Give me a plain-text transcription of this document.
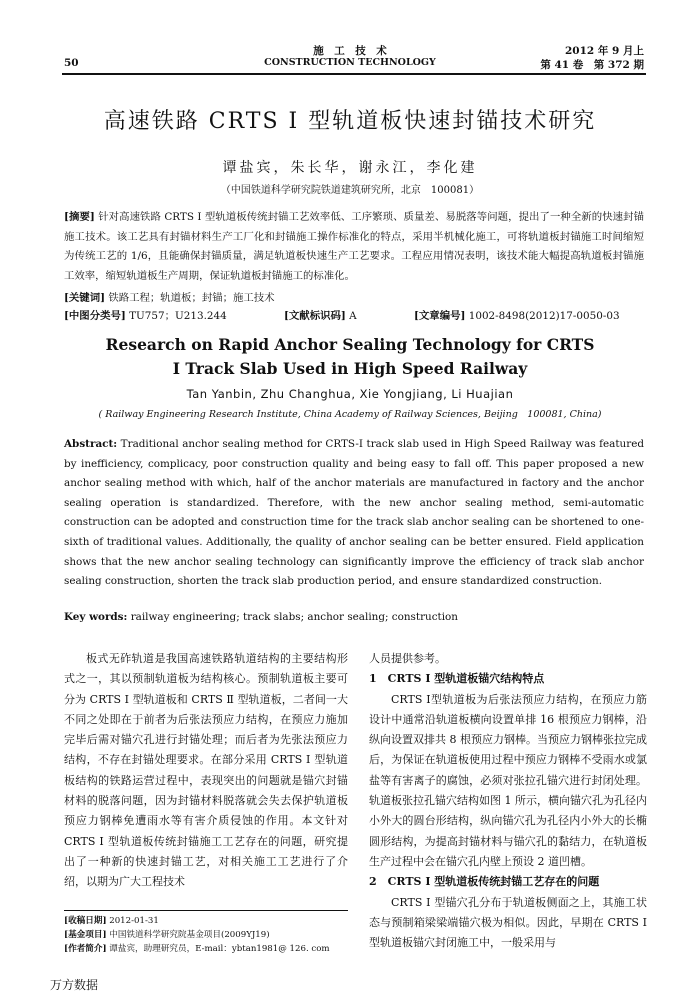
50
施　工　技　术
CONSTRUCTION TECHNOLOGY
2012 年 9 月上
第 41 卷　第 372 期
高速铁路 CRTS Ⅰ 型轨道板快速封锚技术研究
谭盐宾，朱长华，谢永江，李化建
（中国铁道科学研究院铁道建筑研究所，北京　100081）
[摘要] 针对高速铁路 CRTS Ⅰ 型轨道板传统封锚工艺效率低、工序繁琐、质量差、易脱落等问题，提出了一种全新的快速封锚施工技术。该工艺具有封锚材料生产工厂化和封锚施工操作标准化的特点，采用半机械化施工，可将轨道板封锚施工时间缩短为传统工艺的 1/6，且能确保封锚质量，满足轨道板快速生产工艺要求。工程应用情况表明，该技术能大幅提高轨道板封锚施工效率，缩短轨道板生产周期，保证轨道板封锚施工的标准化。
[关键词] 铁路工程；轨道板；封锚；施工技术
[中图分类号] TU757；U213.244	[文献标识码] A	[文章编号] 1002-8498(2012)17-0050-03
Research on Rapid Anchor Sealing Technology for CRTS Ⅰ Track Slab Used in High Speed Railway
Tan Yanbin, Zhu Changhua, Xie Yongjiang, Li Huajian
( Railway Engineering Research Institute, China Academy of Railway Sciences, Beijing　100081, China)
Abstract: Traditional anchor sealing method for CRTS-I track slab used in High Speed Railway was featured by inefficiency, complicacy, poor construction quality and being easy to fall off. This paper proposed a new anchor sealing method with which, half of the anchor materials are manufactured in factory and the anchor sealing operation is standardized. Therefore, with the new anchor sealing method, semi-automatic construction can be adopted and construction time for the track slab anchor sealing can be shortened to one-sixth of traditional values. Additionally, the quality of anchor sealing can be better ensured. Field application shows that the new anchor sealing technology can significantly improve the efficiency of track slab anchor sealing construction, shorten the track slab production period, and ensure standardized construction.
Key words: railway engineering; track slabs; anchor sealing; construction

板式无砟轨道是我国高速铁路轨道结构的主要结构形式之一，其以预制轨道板为结构核心。预制轨道板主要可分为 CRTS Ⅰ 型轨道板和 CRTS Ⅱ 型轨道板，二者间一大不同之处即在于前者为后张法预应力结构，在预应力施加完毕后需对锚穴孔进行封锚处理；而后者为先张法预应力结构，不存在封锚处理要求。在部分采用 CRTS Ⅰ 型轨道板结构的铁路运营过程中，表现突出的问题就是锚穴封锚材料的脱落问题，因为封锚材料脱落就会失去保护轨道板预应力钢棒免遭雨水等有害介质侵蚀的作用。本文针对 CRTS Ⅰ 型轨道板传统封锚施工工艺存在的问题，研究提出了一种新的快速封锚工艺，对相关施工工艺进行了介绍，以期为广大工程技术

人员提供参考。

1　CRTS Ⅰ 型轨道板锚穴结构特点

CRTS Ⅰ型轨道板为后张法预应力结构，在预应力筋设计中通常沿轨道板横向设置单排 16 根预应力钢棒，沿纵向设置双排共 8 根预应力钢棒。当预应力钢棒张拉完成后，为保证在轨道板使用过程中预应力钢棒不受雨水或氯盐等有害离子的腐蚀，必须对张拉孔锚穴进行封闭处理。轨道板张拉孔锚穴结构如图 1 所示，横向锚穴孔为孔径内小外大的圆台形结构，纵向锚穴孔为孔径内小外大的长椭圆形结构，为提高封锚材料与锚穴孔的黏结力，在轨道板生产过程中会在锚穴孔内壁上预设 2 道凹槽。

2　CRTS Ⅰ 型轨道板传统封锚工艺存在的问题

CRTS Ⅰ 型锚穴孔分布于轨道板侧面之上，其施工状态与预制箱梁梁端锚穴极为相似。因此，早期在 CRTS Ⅰ 型轨道板锚穴封闭施工中，一般采用与

[收稿日期] 2012-01-31
[基金项目] 中国铁道科学研究院基金项目(2009YJ19)
[作者简介] 谭盐宾，助理研究员，E-mail：ybtan1981@ 126. com
万方数据
